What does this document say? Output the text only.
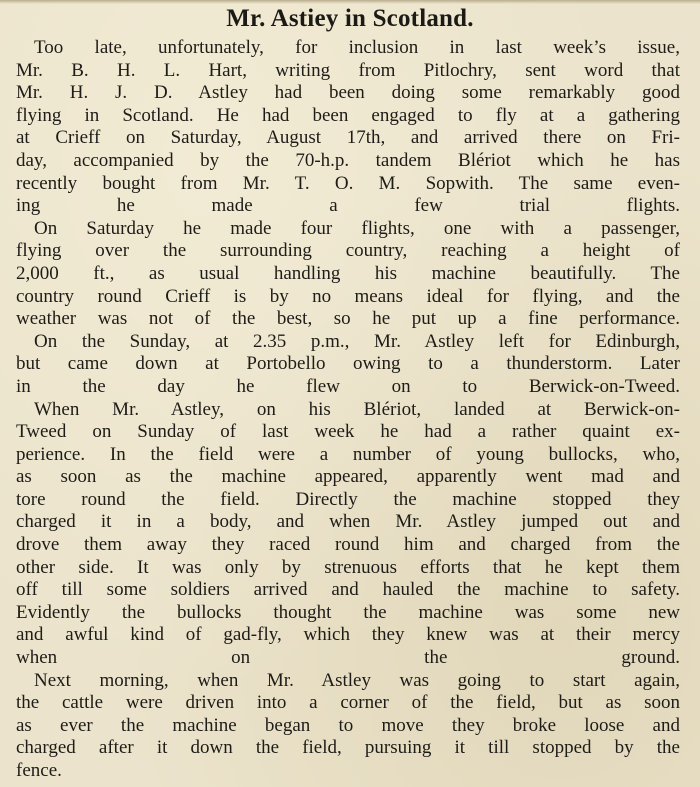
Mr. Astiey in Scotland.

Too late, unfortunately, for inclusion in last week’s issue,
Mr. B. H. L. Hart, writing from Pitlochry, sent word that
Mr. H. J. D. Astley had been doing some remarkably good
flying in Scotland. He had been engaged to fly at a gathering
at Crieff on Saturday, August 17th, and arrived there on Fri-
day, accompanied by the 70-h.p. tandem Blériot which he has
recently bought from Mr. T. O. M. Sopwith. The same even-
ing he made a few trial flights.

On Saturday he made four flights, one with a passenger,
flying over the surrounding country, reaching a height of
2,000 ft., as usual handling his machine beautifully. The
country round Crieff is by no means ideal for flying, and the
weather was not of the best, so he put up a fine performance.

On the Sunday, at 2.35 p.m., Mr. Astley left for Edinburgh,
but came down at Portobello owing to a thunderstorm. Later
in the day he flew on to Berwick-on-Tweed.

When Mr. Astley, on his Blériot, landed at Berwick-on-
Tweed on Sunday of last week he had a rather quaint ex-
perience. In the field were a number of young bullocks, who,
as soon as the machine appeared, apparently went mad and
tore round the field. Directly the machine stopped they
charged it in a body, and when Mr. Astley jumped out and
drove them away they raced round him and charged from the
other side. It was only by strenuous efforts that he kept them
off till some soldiers arrived and hauled the machine to safety.
Evidently the bullocks thought the machine was some new
and awful kind of gad-fly, which they knew was at their mercy
when on the ground.

Next morning, when Mr. Astley was going to start again,
the cattle were driven into a corner of the field, but as soon
as ever the machine began to move they broke loose and
charged after it down the field, pursuing it till stopped by the
fence.
